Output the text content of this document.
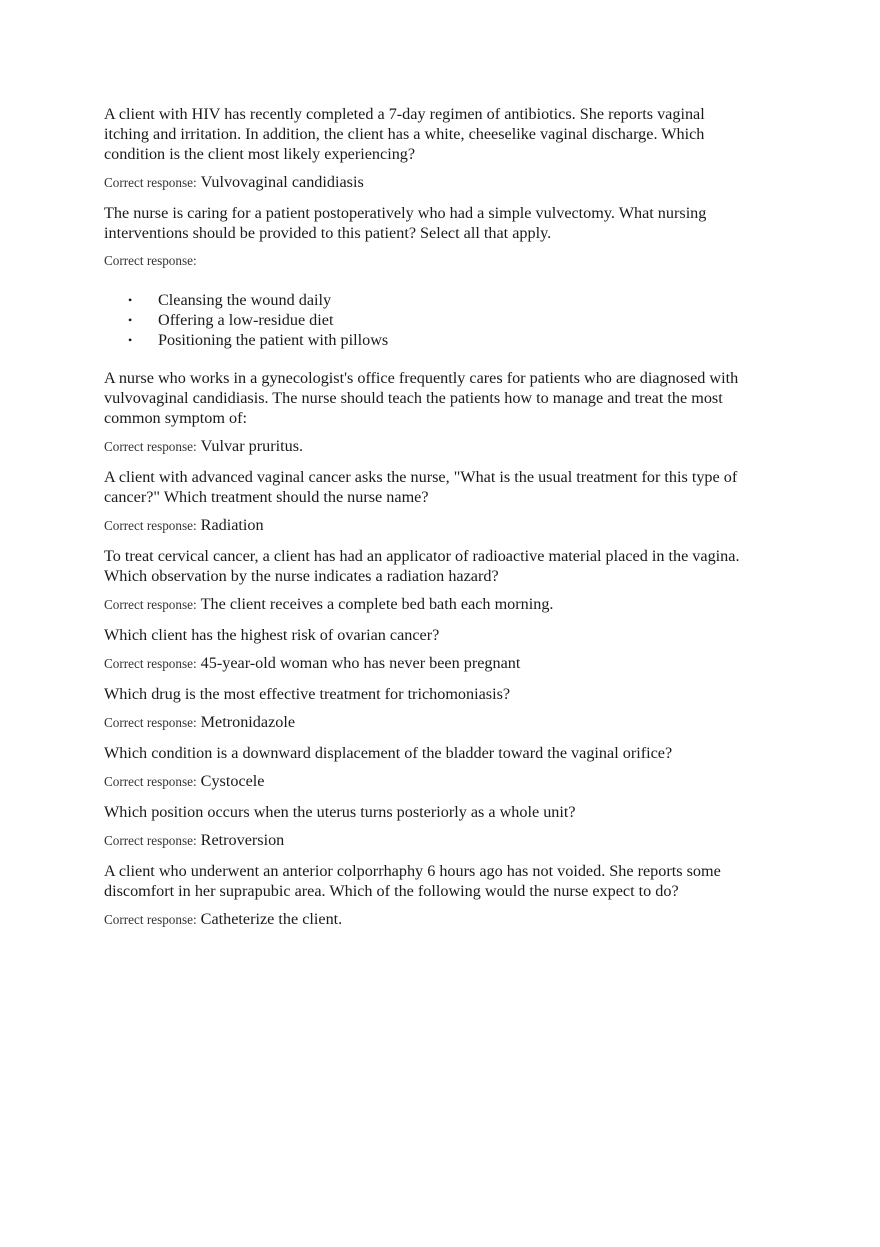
A client with HIV has recently completed a 7-day regimen of antibiotics. She reports vaginal itching and irritation. In addition, the client has a white, cheeselike vaginal discharge. Which condition is the client most likely experiencing?

Correct response: Vulvovaginal candidiasis

The nurse is caring for a patient postoperatively who had a simple vulvectomy. What nursing interventions should be provided to this patient? Select all that apply.

Correct response:

• Cleansing the wound daily
• Offering a low-residue diet
• Positioning the patient with pillows

A nurse who works in a gynecologist's office frequently cares for patients who are diagnosed with vulvovaginal candidiasis. The nurse should teach the patients how to manage and treat the most common symptom of:

Correct response: Vulvar pruritus.

A client with advanced vaginal cancer asks the nurse, "What is the usual treatment for this type of cancer?" Which treatment should the nurse name?

Correct response: Radiation

To treat cervical cancer, a client has had an applicator of radioactive material placed in the vagina. Which observation by the nurse indicates a radiation hazard?

Correct response: The client receives a complete bed bath each morning.

Which client has the highest risk of ovarian cancer?

Correct response: 45-year-old woman who has never been pregnant

Which drug is the most effective treatment for trichomoniasis?

Correct response: Metronidazole

Which condition is a downward displacement of the bladder toward the vaginal orifice?

Correct response: Cystocele

Which position occurs when the uterus turns posteriorly as a whole unit?

Correct response: Retroversion

A client who underwent an anterior colporrhaphy 6 hours ago has not voided. She reports some discomfort in her suprapubic area. Which of the following would the nurse expect to do?

Correct response: Catheterize the client.
